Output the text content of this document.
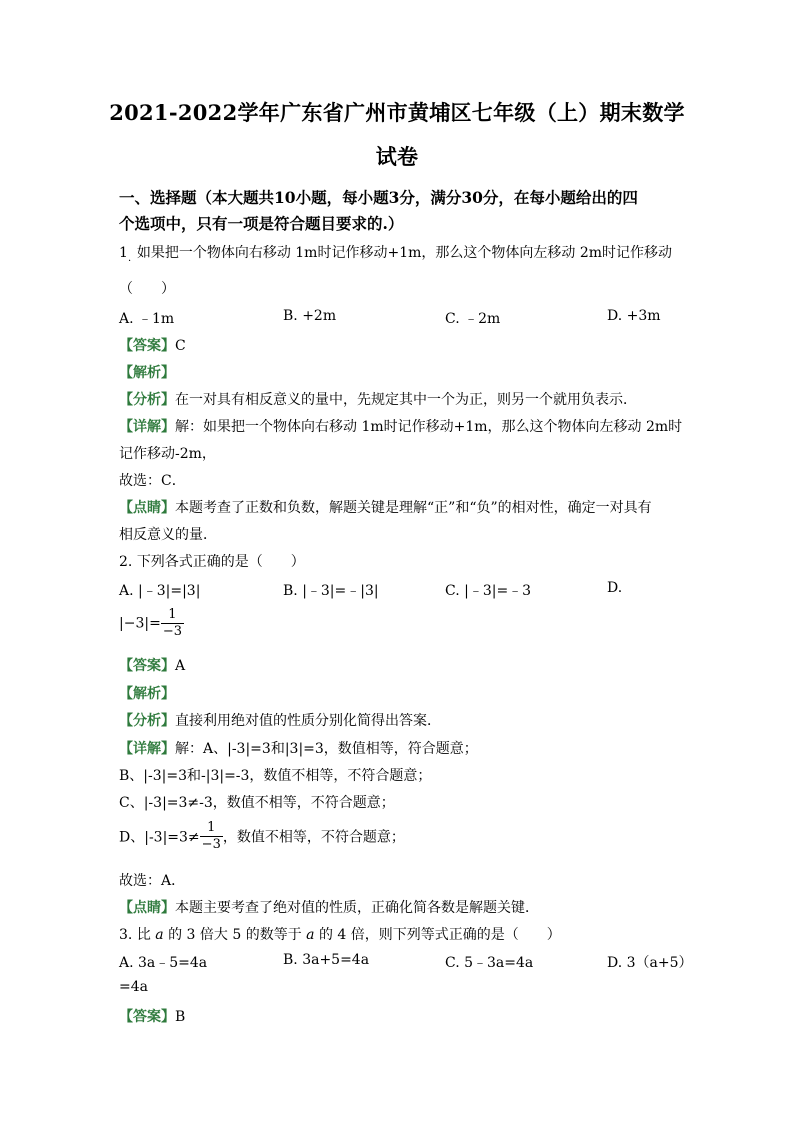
2021-2022学年广东省广州市黄埔区七年级（上）期末数学
试卷
一、选择题（本大题共10小题，每小题3分，满分30分，在每小题给出的四
个选项中，只有一项是符合题目要求的.）
1 如果把一个物体向右移动 1m时记作移动+1m，那么这个物体向左移动 2m时记作移动
·
（　　）
A. ﹣1m	B. +2m	C. ﹣2m	D. +3m
【答案】C
【解析】
【分析】在一对具有相反意义的量中，先规定其中一个为正，则另一个就用负表示．
【详解】解：如果把一个物体向右移动 1m时记作移动+1m，那么这个物体向左移动 2m时
记作移动-2m，
故选：C．
【点睛】本题考查了正数和负数，解题关键是理解“正”和“负”的相对性，确定一对具有
相反意义的量．
2. 下列各式正确的是（　　）
A. |﹣3|=|3|	B. |﹣3|=﹣|3|	C. |﹣3|=﹣3	D.
$|-3|= \frac{1}{-3}$
【答案】A
【解析】
【分析】直接利用绝对值的性质分别化简得出答案．
【详解】解：A、|-3|=3和|3|=3，数值相等，符合题意；
B、|-3|=3和-|3|=-3，数值不相等，不符合题意；
C、|-3|=3≠-3，数值不相等，不符合题意；
D、$|-3|=3\ne \frac{1}{-3}$ ，数值不相等，不符合题意；
故选：A．
【点睛】本题主要考查了绝对值的性质，正确化简各数是解题关键．
3. 比 a 的 3 倍大 5 的数等于 a 的 4 倍，则下列等式正确的是（　　）
A. 3a﹣5=4a	B. 3a+5=4a	C. 5﹣3a=4a	D. 3（a+5）
=4a
【答案】B
